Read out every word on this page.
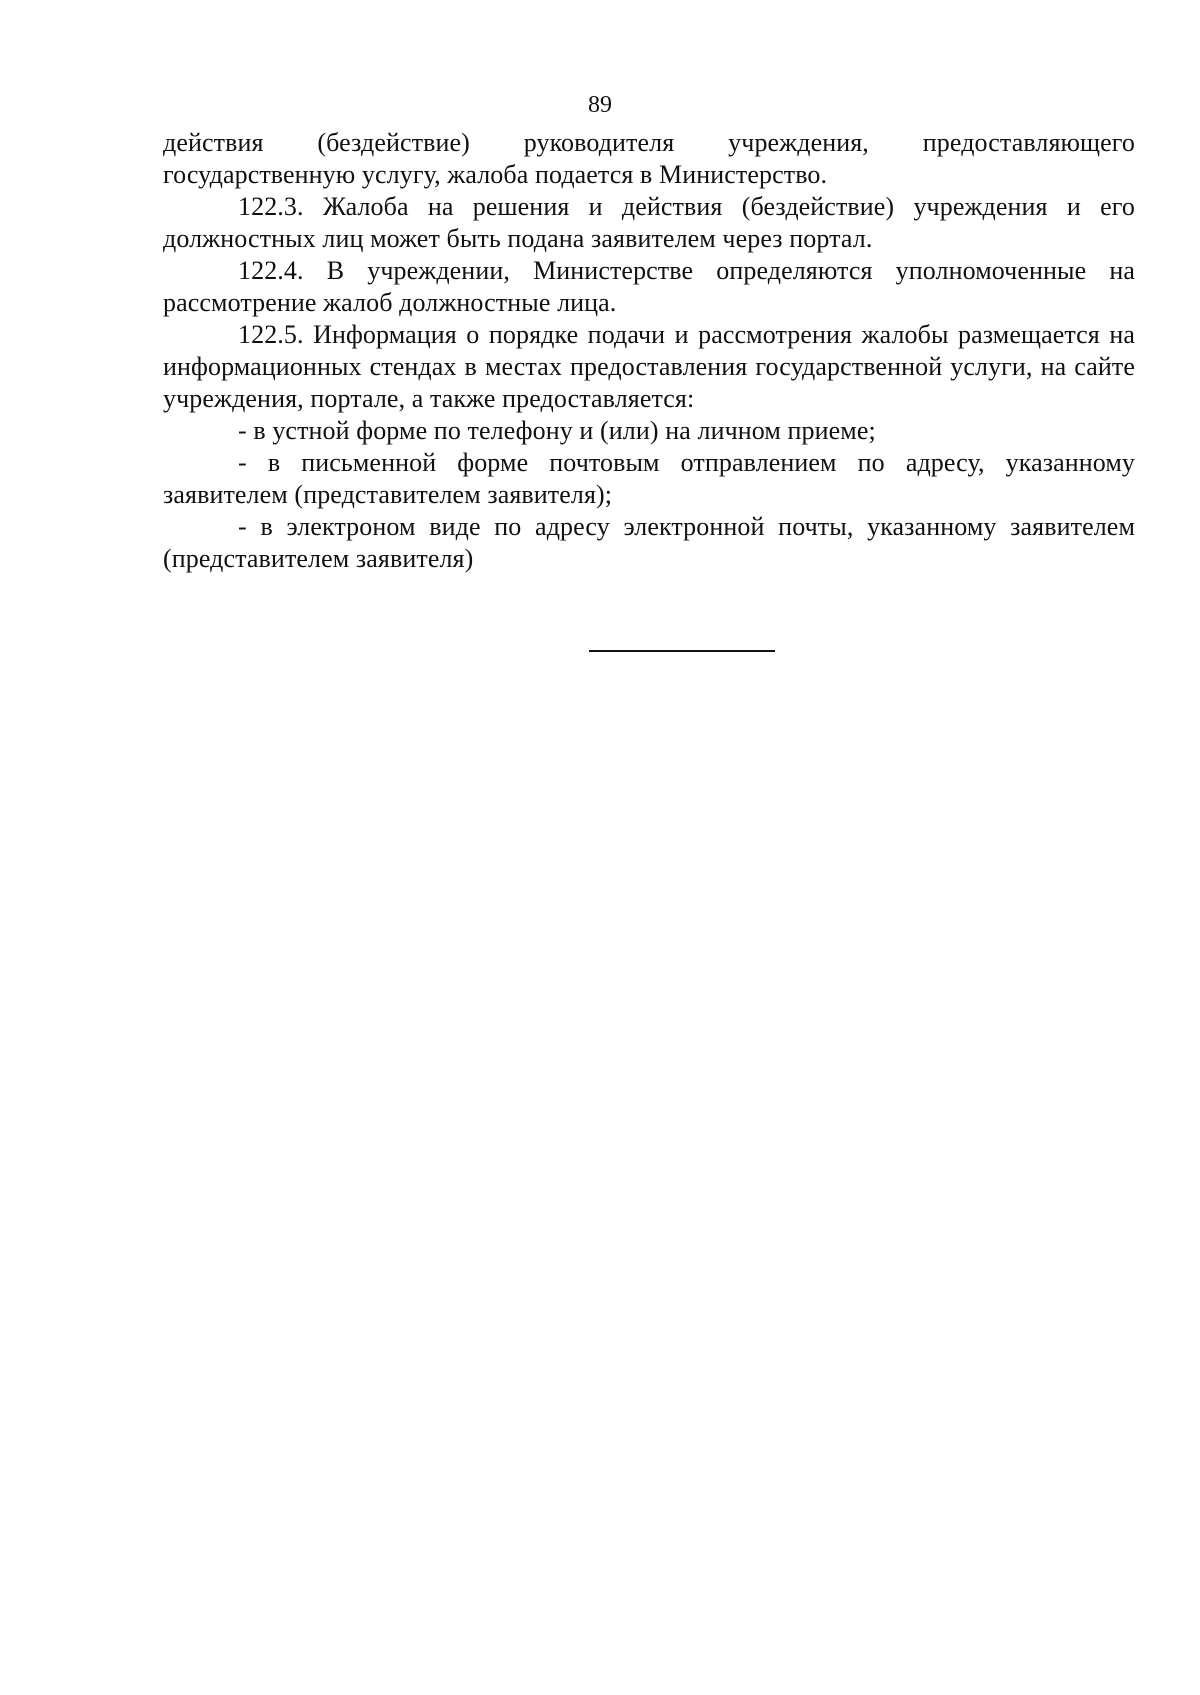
89

действия (бездействие) руководителя учреждения, предоставляющего государственную услугу, жалоба подается в Министерство.

122.3. Жалоба на решения и действия (бездействие) учреждения и его должностных лиц может быть подана заявителем через портал.

122.4. В учреждении, Министерстве определяются уполномоченные на рассмотрение жалоб должностные лица.

122.5. Информация о порядке подачи и рассмотрения жалобы размещается на информационных стендах в местах предоставления государственной услуги, на сайте учреждения, портале, а также предоставляется:

- в устной форме по телефону и (или) на личном приеме;

- в письменной форме почтовым отправлением по адресу, указанному заявителем (представителем заявителя);

- в электроном виде по адресу электронной почты, указанному заявителем (представителем заявителя)
